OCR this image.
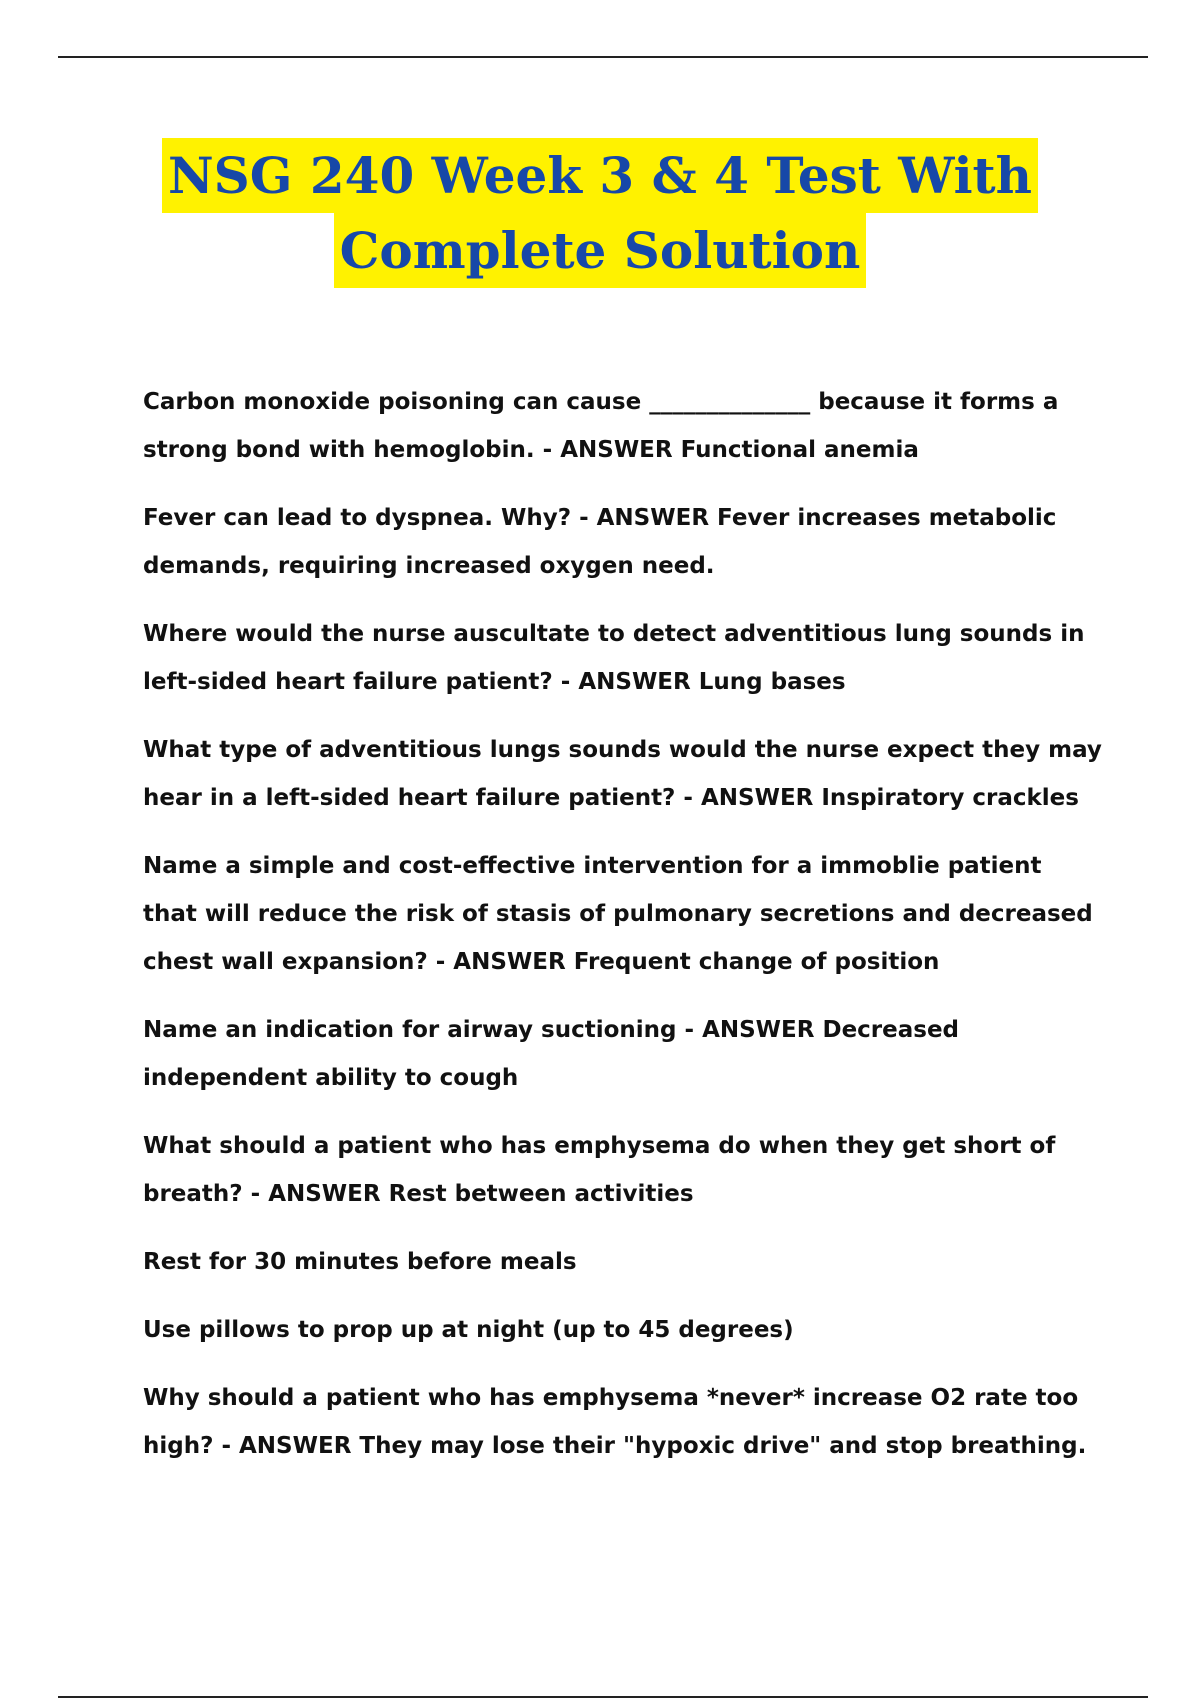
NSG 240 Week 3 & 4 Test With
Complete Solution

Carbon monoxide poisoning can cause ______________ because it forms a strong bond with hemoglobin. - ANSWER Functional anemia

Fever can lead to dyspnea. Why? - ANSWER Fever increases metabolic demands, requiring increased oxygen need.

Where would the nurse auscultate to detect adventitious lung sounds in left-sided heart failure patient? - ANSWER Lung bases

What type of adventitious lungs sounds would the nurse expect they may hear in a left-sided heart failure patient? - ANSWER Inspiratory crackles

Name a simple and cost-effective intervention for a immoblie patient that will reduce the risk of stasis of pulmonary secretions and decreased chest wall expansion? - ANSWER Frequent change of position

Name an indication for airway suctioning - ANSWER Decreased independent ability to cough

What should a patient who has emphysema do when they get short of breath? - ANSWER Rest between activities

Rest for 30 minutes before meals

Use pillows to prop up at night (up to 45 degrees)

Why should a patient who has emphysema *never* increase O2 rate too high? - ANSWER They may lose their "hypoxic drive" and stop breathing.
